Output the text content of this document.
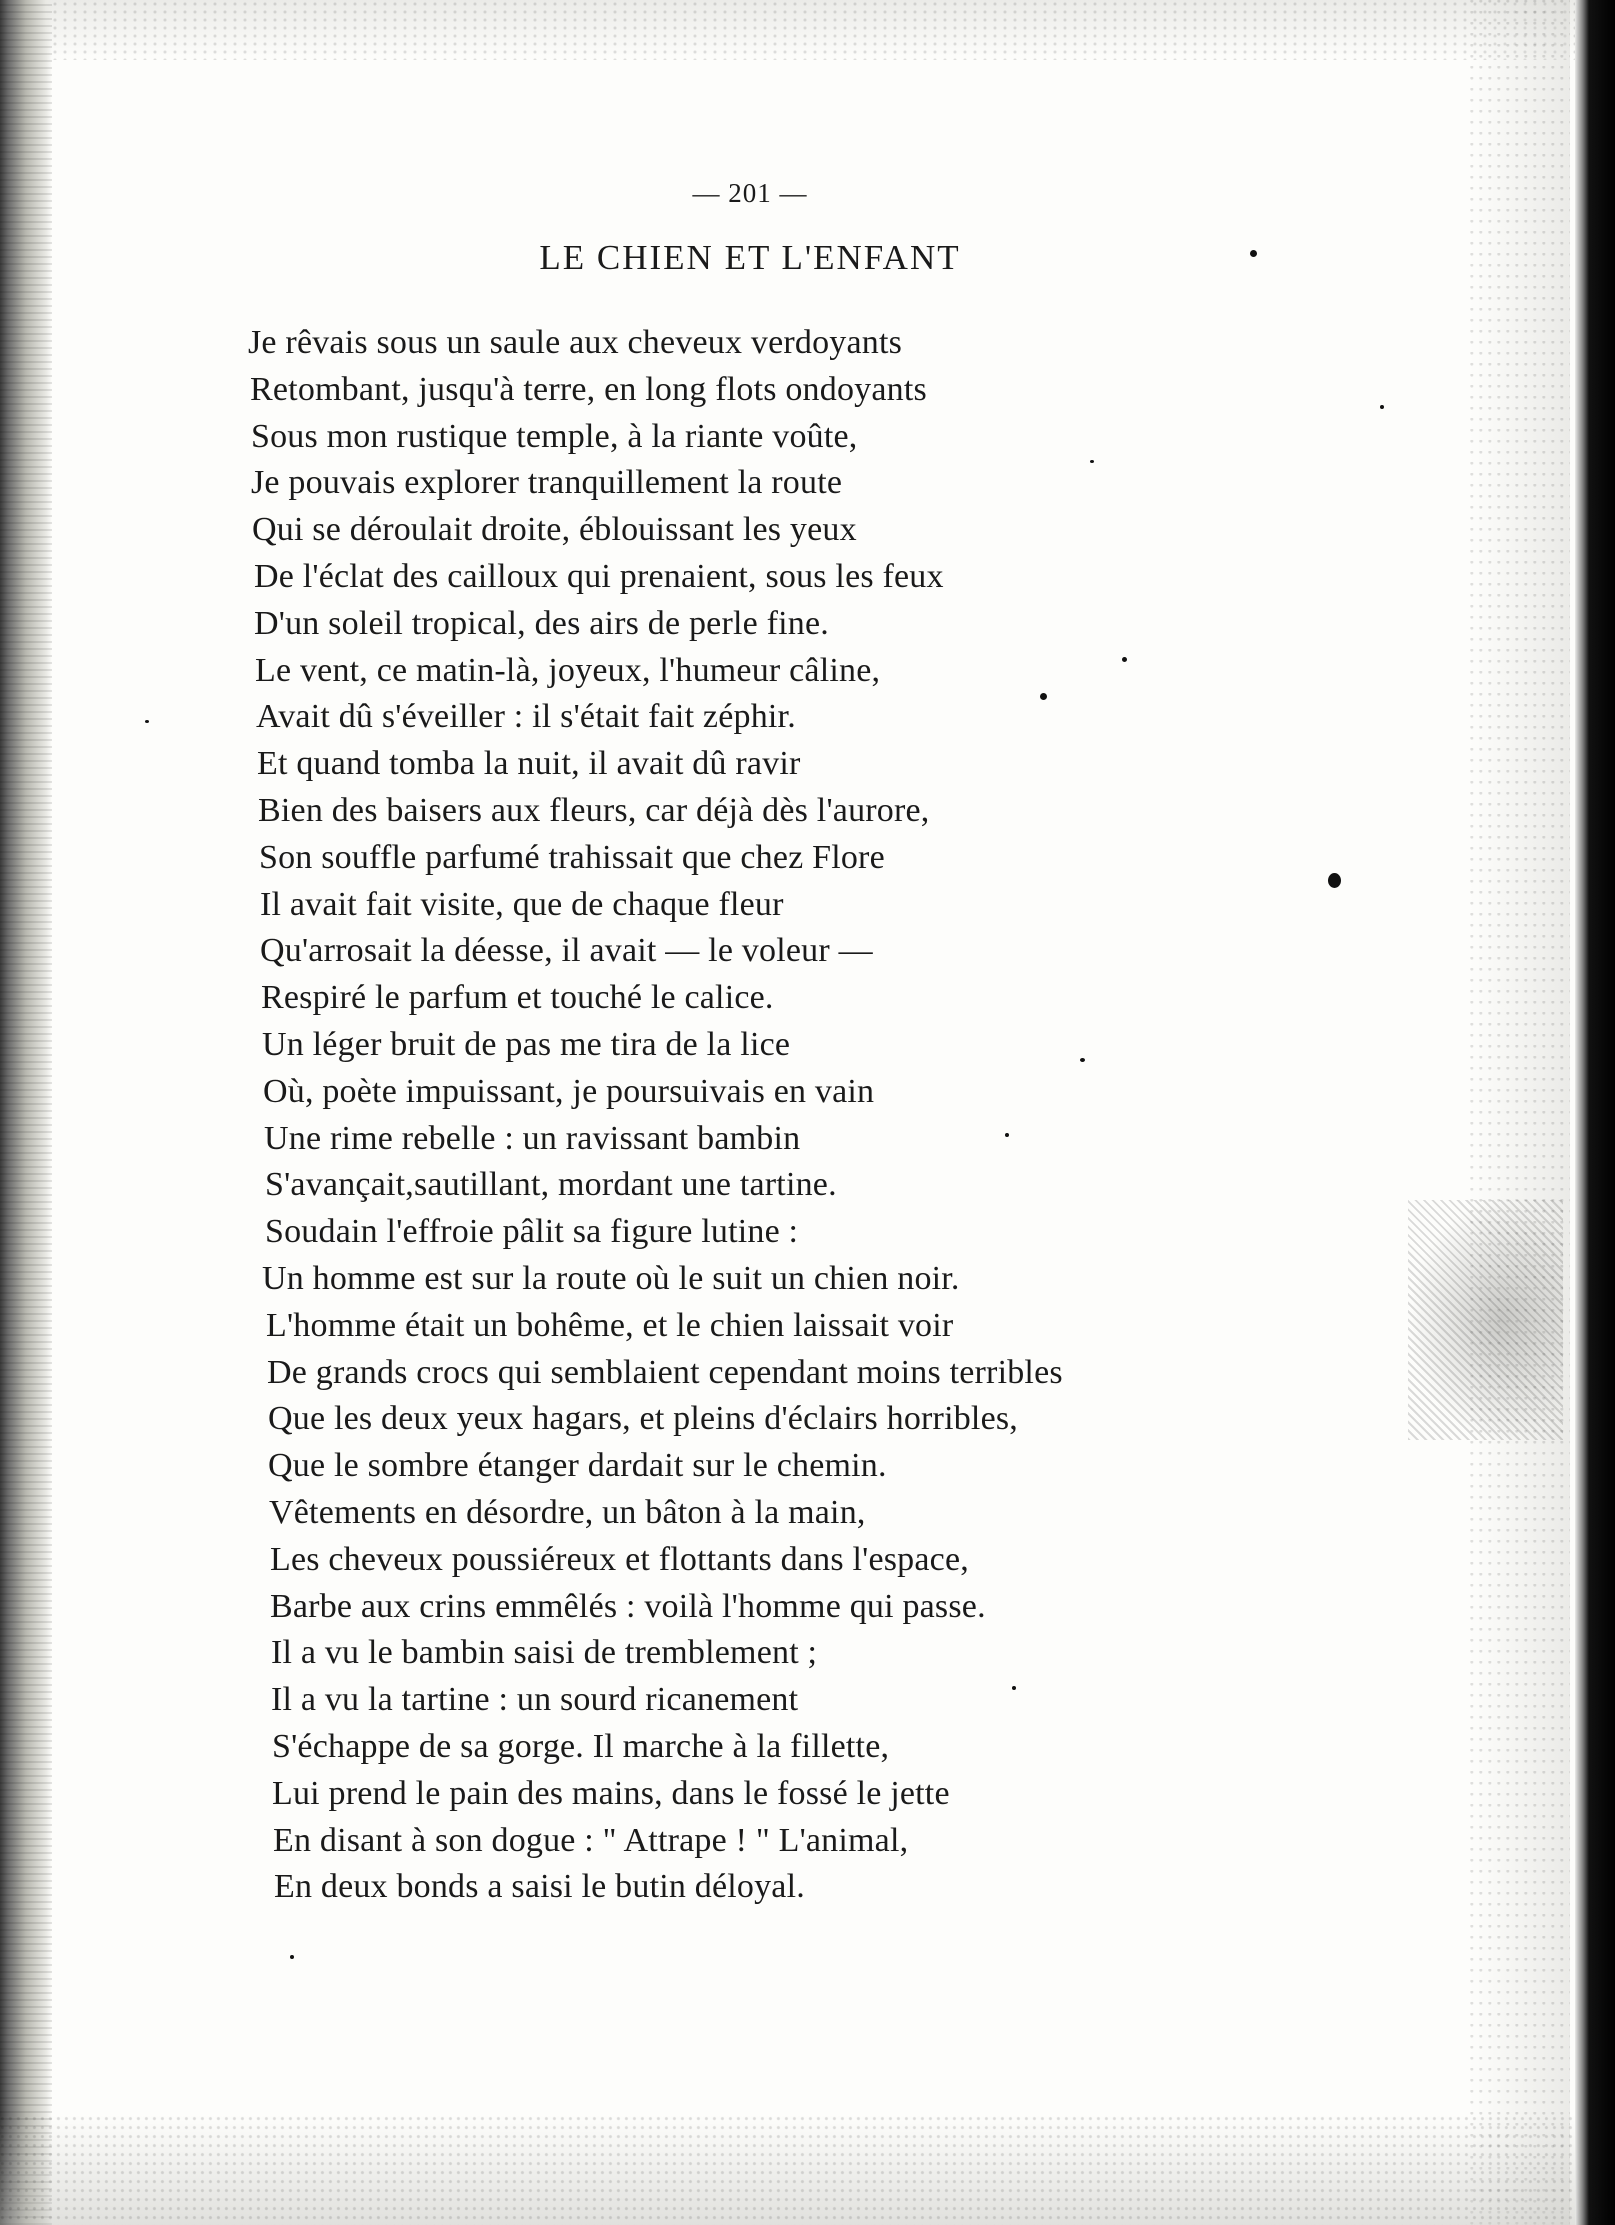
— 201 —
LE CHIEN ET L'ENFANT
Je rêvais sous un saule aux cheveux verdoyants
Retombant, jusqu'à terre, en long flots ondoyants
Sous mon rustique temple, à la riante voûte,
Je pouvais explorer tranquillement la route
Qui se déroulait droite, éblouissant les yeux
De l'éclat des cailloux qui prenaient, sous les feux
D'un soleil tropical, des airs de perle fine.
Le vent, ce matin-là, joyeux, l'humeur câline,
Avait dû s'éveiller : il s'était fait zéphir.
Et quand tomba la nuit, il avait dû ravir
Bien des baisers aux fleurs, car déjà dès l'aurore,
Son souffle parfumé trahissait que chez Flore
Il avait fait visite, que de chaque fleur
Qu'arrosait la déesse, il avait — le voleur —
Respiré le parfum et touché le calice.
Un léger bruit de pas me tira de la lice
Où, poète impuissant, je poursuivais en vain
Une rime rebelle : un ravissant bambin
S'avançait,sautillant, mordant une tartine.
Soudain l'effroie pâlit sa figure lutine :
Un homme est sur la route où le suit un chien noir.
L'homme était un bohême, et le chien laissait voir
De grands crocs qui semblaient cependant moins terribles
Que les deux yeux hagars, et pleins d'éclairs horribles,
Que le sombre étanger dardait sur le chemin.
Vêtements en désordre, un bâton à la main,
Les cheveux poussiéreux et flottants dans l'espace,
Barbe aux crins emmêlés : voilà l'homme qui passe.
Il a vu le bambin saisi de tremblement ;
Il a vu la tartine : un sourd ricanement
S'échappe de sa gorge. Il marche à la fillette,
Lui prend le pain des mains, dans le fossé le jette
En disant à son dogue : " Attrape ! " L'animal,
En deux bonds a saisi le butin déloyal.
